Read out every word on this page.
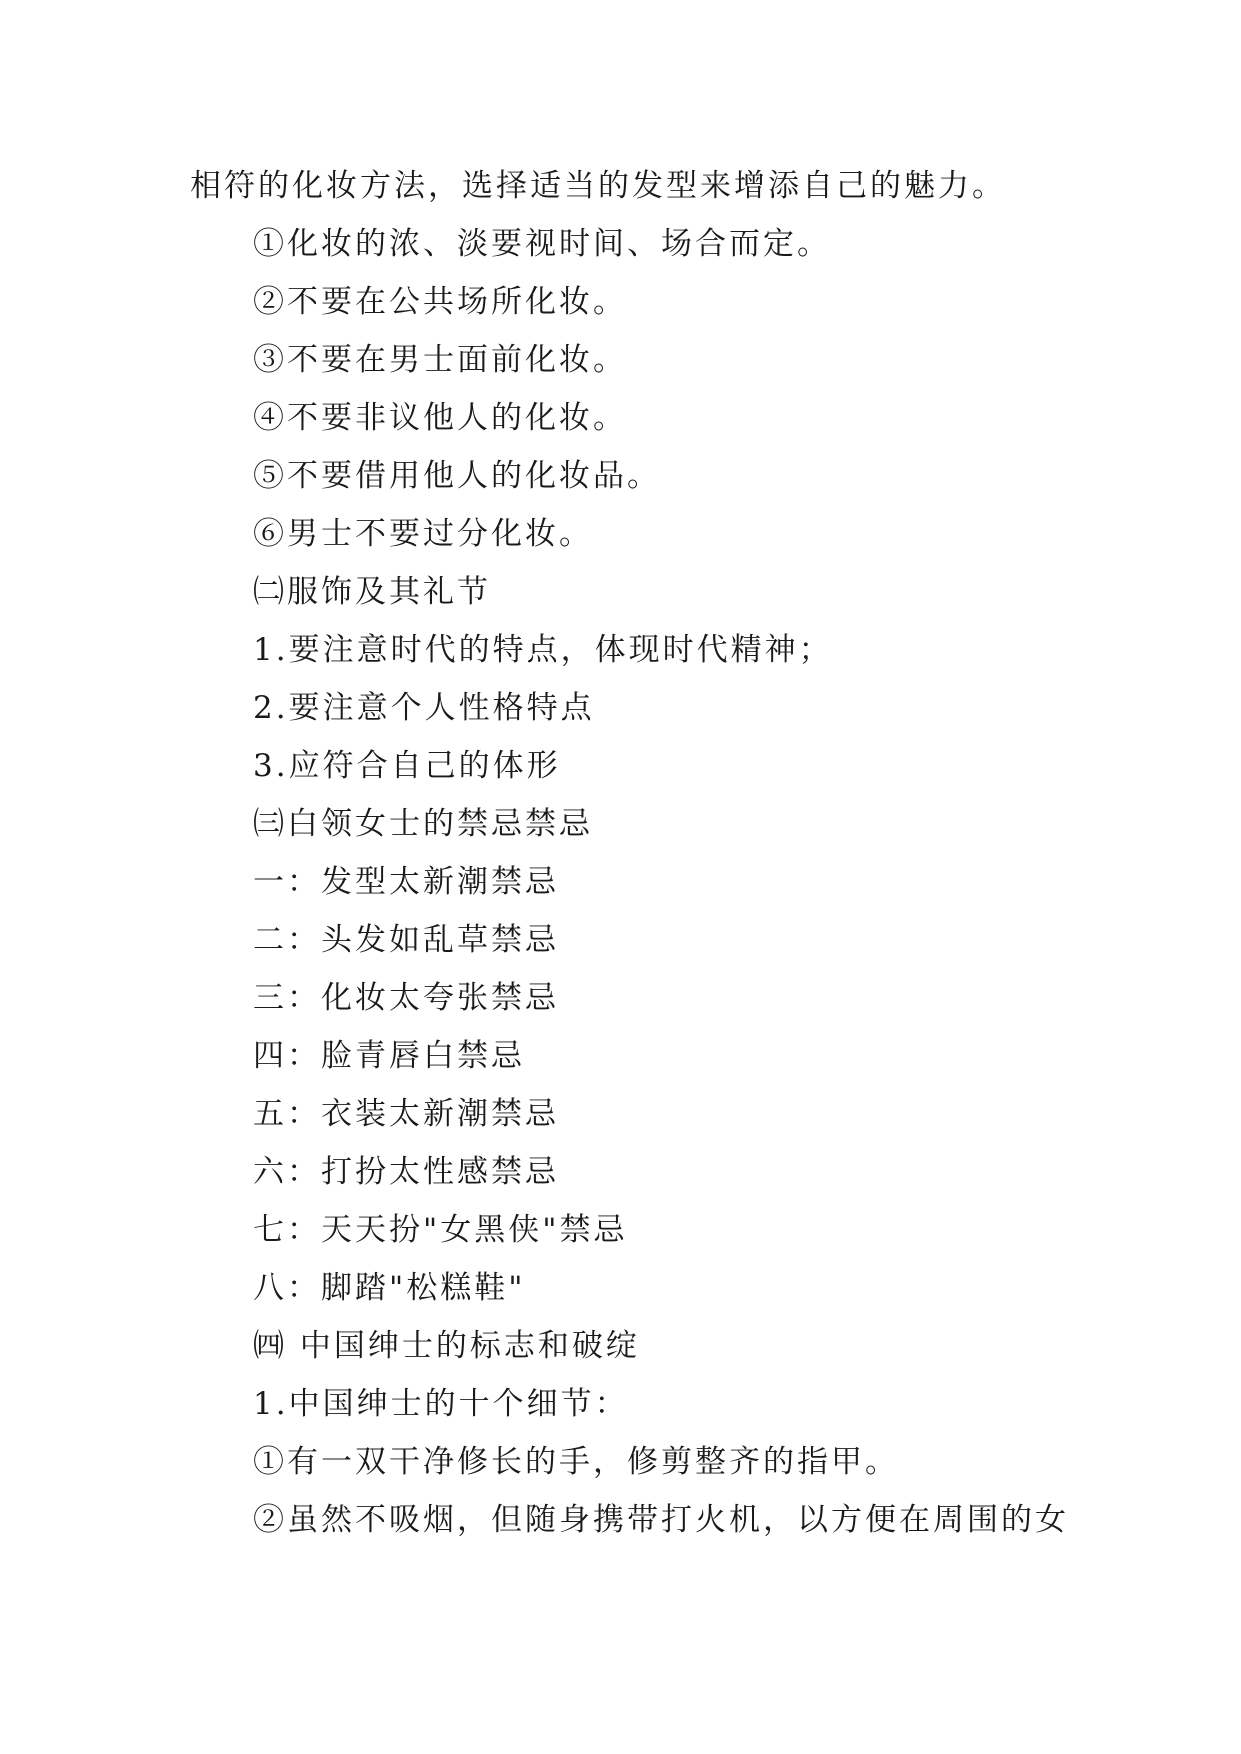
相符的化妆方法，选择适当的发型来增添自己的魅力。
①化妆的浓、淡要视时间、场合而定。
②不要在公共场所化妆。
③不要在男士面前化妆。
④不要非议他人的化妆。
⑤不要借用他人的化妆品。
⑥男士不要过分化妆。
㈡服饰及其礼节
1.要注意时代的特点，体现时代精神；
2.要注意个人性格特点
3.应符合自己的体形
㈢白领女士的禁忌禁忌
一：发型太新潮禁忌
二：头发如乱草禁忌
三：化妆太夸张禁忌
四：脸青唇白禁忌
五：衣装太新潮禁忌
六：打扮太性感禁忌
七：天天扮"女黑侠"禁忌
八：脚踏"松糕鞋"
㈣ 中国绅士的标志和破绽
1.中国绅士的十个细节：
①有一双干净修长的手，修剪整齐的指甲。
②虽然不吸烟，但随身携带打火机，以方便在周围的女
